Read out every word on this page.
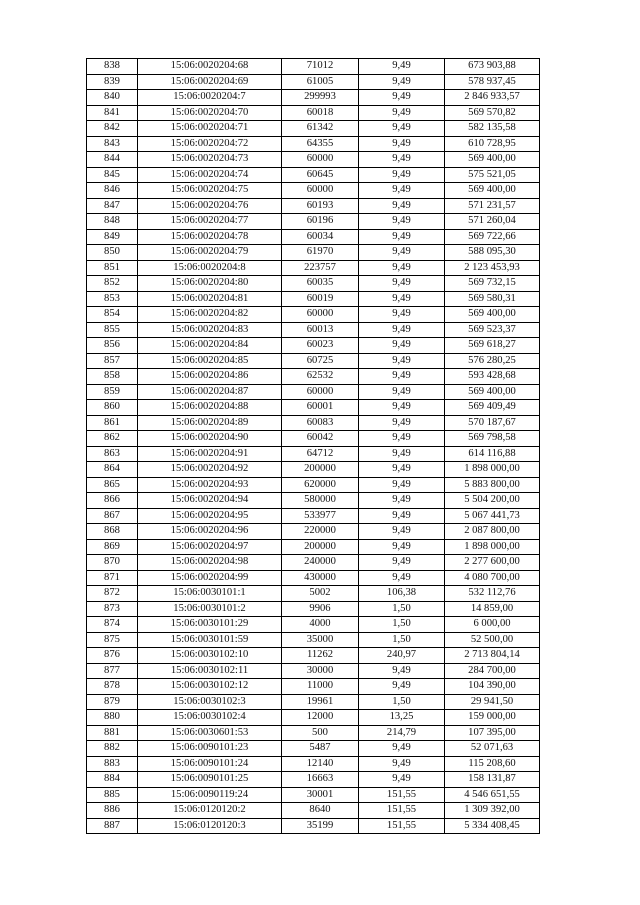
838	15:06:0020204:68	71012	9,49	673 903,88
839	15:06:0020204:69	61005	9,49	578 937,45
840	15:06:0020204:7	299993	9,49	2 846 933,57
841	15:06:0020204:70	60018	9,49	569 570,82
842	15:06:0020204:71	61342	9,49	582 135,58
843	15:06:0020204:72	64355	9,49	610 728,95
844	15:06:0020204:73	60000	9,49	569 400,00
845	15:06:0020204:74	60645	9,49	575 521,05
846	15:06:0020204:75	60000	9,49	569 400,00
847	15:06:0020204:76	60193	9,49	571 231,57
848	15:06:0020204:77	60196	9,49	571 260,04
849	15:06:0020204:78	60034	9,49	569 722,66
850	15:06:0020204:79	61970	9,49	588 095,30
851	15:06:0020204:8	223757	9,49	2 123 453,93
852	15:06:0020204:80	60035	9,49	569 732,15
853	15:06:0020204:81	60019	9,49	569 580,31
854	15:06:0020204:82	60000	9,49	569 400,00
855	15:06:0020204:83	60013	9,49	569 523,37
856	15:06:0020204:84	60023	9,49	569 618,27
857	15:06:0020204:85	60725	9,49	576 280,25
858	15:06:0020204:86	62532	9,49	593 428,68
859	15:06:0020204:87	60000	9,49	569 400,00
860	15:06:0020204:88	60001	9,49	569 409,49
861	15:06:0020204:89	60083	9,49	570 187,67
862	15:06:0020204:90	60042	9,49	569 798,58
863	15:06:0020204:91	64712	9,49	614 116,88
864	15:06:0020204:92	200000	9,49	1 898 000,00
865	15:06:0020204:93	620000	9,49	5 883 800,00
866	15:06:0020204:94	580000	9,49	5 504 200,00
867	15:06:0020204:95	533977	9,49	5 067 441,73
868	15:06:0020204:96	220000	9,49	2 087 800,00
869	15:06:0020204:97	200000	9,49	1 898 000,00
870	15:06:0020204:98	240000	9,49	2 277 600,00
871	15:06:0020204:99	430000	9,49	4 080 700,00
872	15:06:0030101:1	5002	106,38	532 112,76
873	15:06:0030101:2	9906	1,50	14 859,00
874	15:06:0030101:29	4000	1,50	6 000,00
875	15:06:0030101:59	35000	1,50	52 500,00
876	15:06:0030102:10	11262	240,97	2 713 804,14
877	15:06:0030102:11	30000	9,49	284 700,00
878	15:06:0030102:12	11000	9,49	104 390,00
879	15:06:0030102:3	19961	1,50	29 941,50
880	15:06:0030102:4	12000	13,25	159 000,00
881	15:06:0030601:53	500	214,79	107 395,00
882	15:06:0090101:23	5487	9,49	52 071,63
883	15:06:0090101:24	12140	9,49	115 208,60
884	15:06:0090101:25	16663	9,49	158 131,87
885	15:06:0090119:24	30001	151,55	4 546 651,55
886	15:06:0120120:2	8640	151,55	1 309 392,00
887	15:06:0120120:3	35199	151,55	5 334 408,45
